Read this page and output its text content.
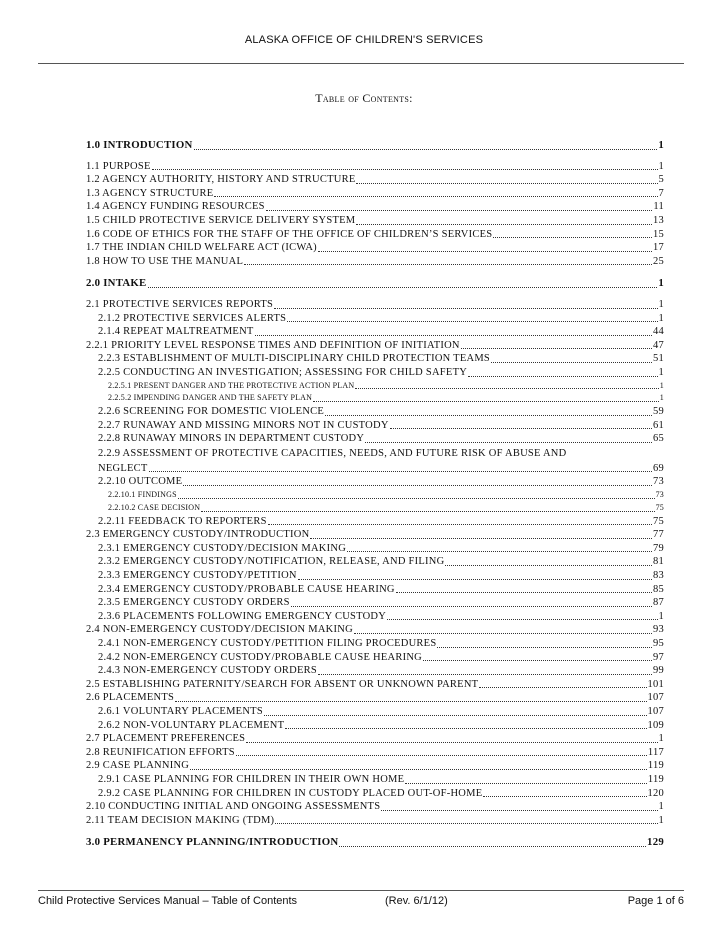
ALASKA OFFICE OF CHILDREN'S SERVICES
Table of Contents:
1.0 INTRODUCTION	1
1.1 PURPOSE	1
1.2 AGENCY AUTHORITY, HISTORY AND STRUCTURE	5
1.3 AGENCY STRUCTURE	7
1.4 AGENCY FUNDING RESOURCES	11
1.5 CHILD PROTECTIVE SERVICE DELIVERY SYSTEM	13
1.6 CODE OF ETHICS FOR THE STAFF OF THE OFFICE OF CHILDREN’S SERVICES	15
1.7 THE INDIAN CHILD WELFARE ACT (ICWA)	17
1.8 HOW TO USE THE MANUAL	25
2.0 INTAKE	1
2.1 PROTECTIVE SERVICES REPORTS	1
2.1.2 PROTECTIVE SERVICES ALERTS	1
2.1.4 REPEAT MALTREATMENT	44
2.2.1 PRIORITY LEVEL RESPONSE TIMES AND DEFINITION OF INITIATION	47
2.2.3 ESTABLISHMENT OF MULTI-DISCIPLINARY CHILD PROTECTION TEAMS	51
2.2.5 CONDUCTING AN INVESTIGATION; ASSESSING FOR CHILD SAFETY	1
2.2.5.1 PRESENT DANGER AND THE PROTECTIVE ACTION PLAN	1
2.2.5.2 IMPENDING DANGER AND THE SAFETY PLAN	1
2.2.6 SCREENING FOR DOMESTIC VIOLENCE	59
2.2.7 RUNAWAY AND MISSING MINORS NOT IN CUSTODY	61
2.2.8 RUNAWAY MINORS IN DEPARTMENT CUSTODY	65
2.2.9 ASSESSMENT OF PROTECTIVE CAPACITIES, NEEDS, AND FUTURE RISK OF ABUSE AND
NEGLECT	69
2.2.10 OUTCOME	73
2.2.10.1 FINDINGS	73
2.2.10.2 CASE DECISION	75
2.2.11 FEEDBACK TO REPORTERS	75
2.3 EMERGENCY CUSTODY/INTRODUCTION	77
2.3.1 EMERGENCY CUSTODY/DECISION MAKING	79
2.3.2 EMERGENCY CUSTODY/NOTIFICATION, RELEASE, AND FILING	81
2.3.3 EMERGENCY CUSTODY/PETITION	83
2.3.4 EMERGENCY CUSTODY/PROBABLE CAUSE HEARING	85
2.3.5 EMERGENCY CUSTODY ORDERS	87
2.3.6 PLACEMENTS FOLLOWING EMERGENCY CUSTODY	1
2.4 NON-EMERGENCY CUSTODY/DECISION MAKING	93
2.4.1 NON-EMERGENCY CUSTODY/PETITION FILING PROCEDURES	95
2.4.2 NON-EMERGENCY CUSTODY/PROBABLE CAUSE HEARING	97
2.4.3 NON-EMERGENCY CUSTODY ORDERS	99
2.5 ESTABLISHING PATERNITY/SEARCH FOR ABSENT OR UNKNOWN PARENT	101
2.6 PLACEMENTS	107
2.6.1 VOLUNTARY PLACEMENTS	107
2.6.2 NON-VOLUNTARY PLACEMENT	109
2.7 PLACEMENT PREFERENCES	1
2.8 REUNIFICATION EFFORTS	117
2.9 CASE PLANNING	119
2.9.1 CASE PLANNING FOR CHILDREN IN THEIR OWN HOME	119
2.9.2 CASE PLANNING FOR CHILDREN IN CUSTODY PLACED OUT-OF-HOME	120
2.10 CONDUCTING INITIAL AND ONGOING ASSESSMENTS	1
2.11 TEAM DECISION MAKING (TDM)	1
3.0 PERMANENCY PLANNING/INTRODUCTION	129
Child Protective Services Manual – Table of Contents	(Rev. 6/1/12)	Page 1 of 6
